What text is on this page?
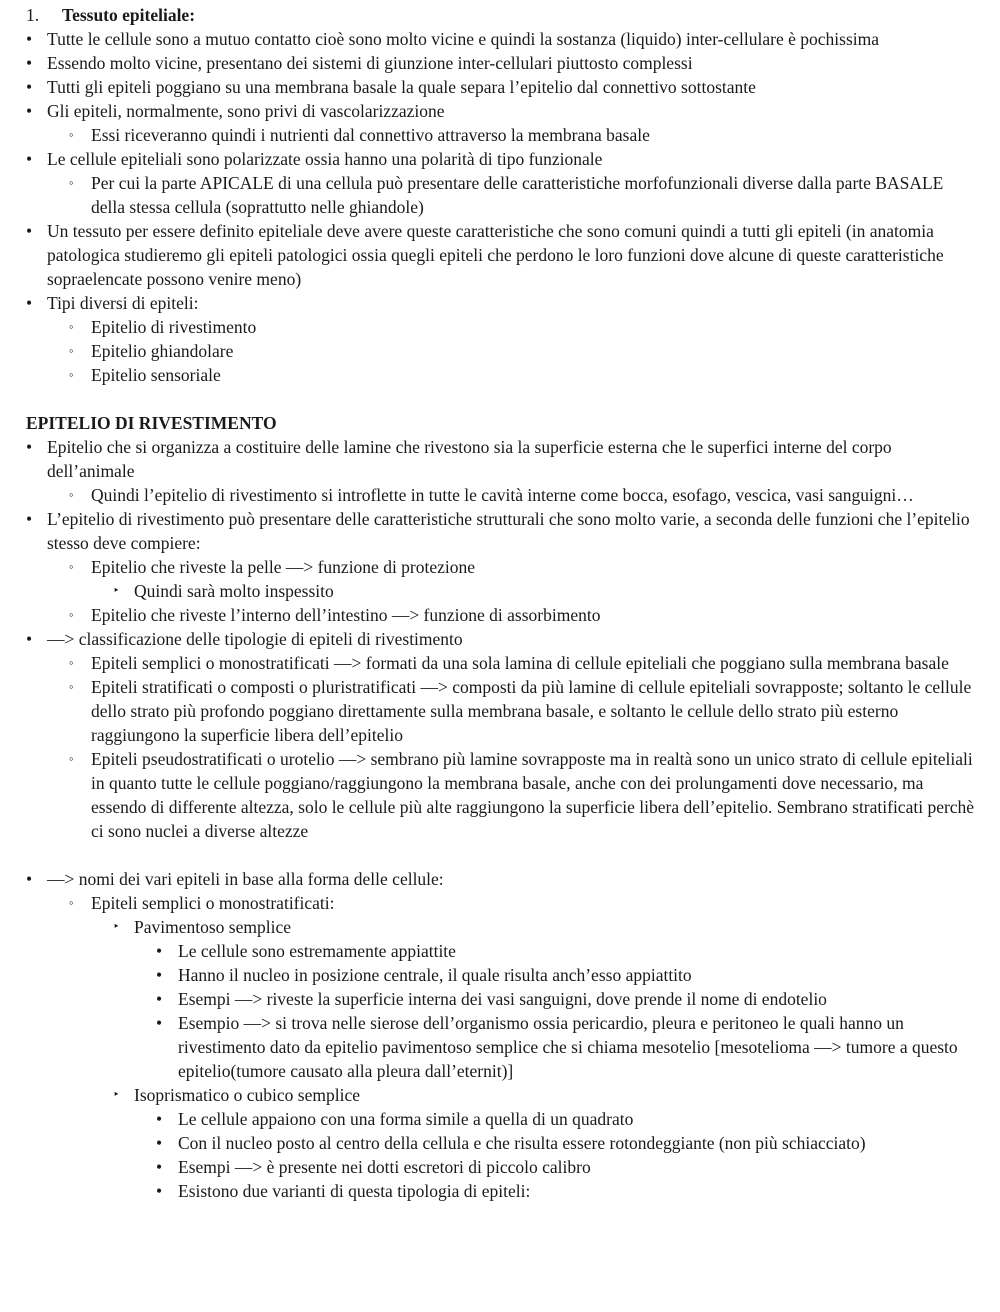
1. Tessuto epiteliale:
• Tutte le cellule sono a mutuo contatto cioè sono molto vicine e quindi la sostanza (liquido) inter-cellulare è pochissima
• Essendo molto vicine, presentano dei sistemi di giunzione inter-cellulari piuttosto complessi
• Tutti gli epiteli poggiano su una membrana basale la quale separa l’epitelio dal connettivo sottostante
• Gli epiteli, normalmente, sono privi di vascolarizzazione
◦ Essi riceveranno quindi i nutrienti dal connettivo attraverso la membrana basale
• Le cellule epiteliali sono polarizzate ossia hanno una polarità di tipo funzionale
◦ Per cui la parte APICALE di una cellula può presentare delle caratteristiche morfofunzionali diverse dalla parte BASALE della stessa cellula (soprattutto nelle ghiandole)
• Un tessuto per essere definito epiteliale deve avere queste caratteristiche che sono comuni quindi a tutti gli epiteli (in anatomia patologica studieremo gli epiteli patologici ossia quegli epiteli che perdono le loro funzioni dove alcune di queste caratteristiche sopraelencate possono venire meno)
• Tipi diversi di epiteli:
◦ Epitelio di rivestimento
◦ Epitelio ghiandolare
◦ Epitelio sensoriale
EPITELIO DI RIVESTIMENTO
• Epitelio che si organizza a costituire delle lamine che rivestono sia la superficie esterna che le superfici interne del corpo dell’animale
◦ Quindi l’epitelio di rivestimento si introflette in tutte le cavità interne come bocca, esofago, vescica, vasi sanguigni…
• L’epitelio di rivestimento può presentare delle caratteristiche strutturali che sono molto varie, a seconda delle funzioni che l’epitelio stesso deve compiere:
◦ Epitelio che riveste la pelle —> funzione di protezione
‣ Quindi sarà molto inspessito
◦ Epitelio che riveste l’interno dell’intestino —> funzione di assorbimento
• —> classificazione delle tipologie di epiteli di rivestimento
◦ Epiteli semplici o monostratificati —> formati da una sola lamina di cellule epiteliali che poggiano sulla membrana basale
◦ Epiteli stratificati o composti o pluristratificati —> composti da più lamine di cellule epiteliali sovrapposte; soltanto le cellule dello strato più profondo poggiano direttamente sulla membrana basale, e soltanto le cellule dello strato più esterno raggiungono la superficie libera dell’epitelio
◦ Epiteli pseudostratificati o urotelio —> sembrano più lamine sovrapposte ma in realtà sono un unico strato di cellule epiteliali in quanto tutte le cellule poggiano/raggiungono la membrana basale, anche con dei prolungamenti dove necessario, ma essendo di differente altezza, solo le cellule più alte raggiungono la superficie libera dell’epitelio. Sembrano stratificati perchè ci sono nuclei a diverse altezze
• —> nomi dei vari epiteli in base alla forma delle cellule:
◦ Epiteli semplici o monostratificati:
‣ Pavimentoso semplice
• Le cellule sono estremamente appiattite
• Hanno il nucleo in posizione centrale, il quale risulta anch’esso appiattito
• Esempi —> riveste la superficie interna dei vasi sanguigni, dove prende il nome di endotelio
• Esempio —> si trova nelle sierose dell’organismo ossia pericardio, pleura e peritoneo le quali hanno un rivestimento dato da epitelio pavimentoso semplice che si chiama mesotelio [mesotelioma —> tumore a questo epitelio(tumore causato alla pleura dall’eternit)]
‣ Isoprismatico o cubico semplice
• Le cellule appaiono con una forma simile a quella di un quadrato
• Con il nucleo posto al centro della cellula e che risulta essere rotondeggiante (non più schiacciato)
• Esempi —> è presente nei dotti escretori di piccolo calibro
• Esistono due varianti di questa tipologia di epiteli:
